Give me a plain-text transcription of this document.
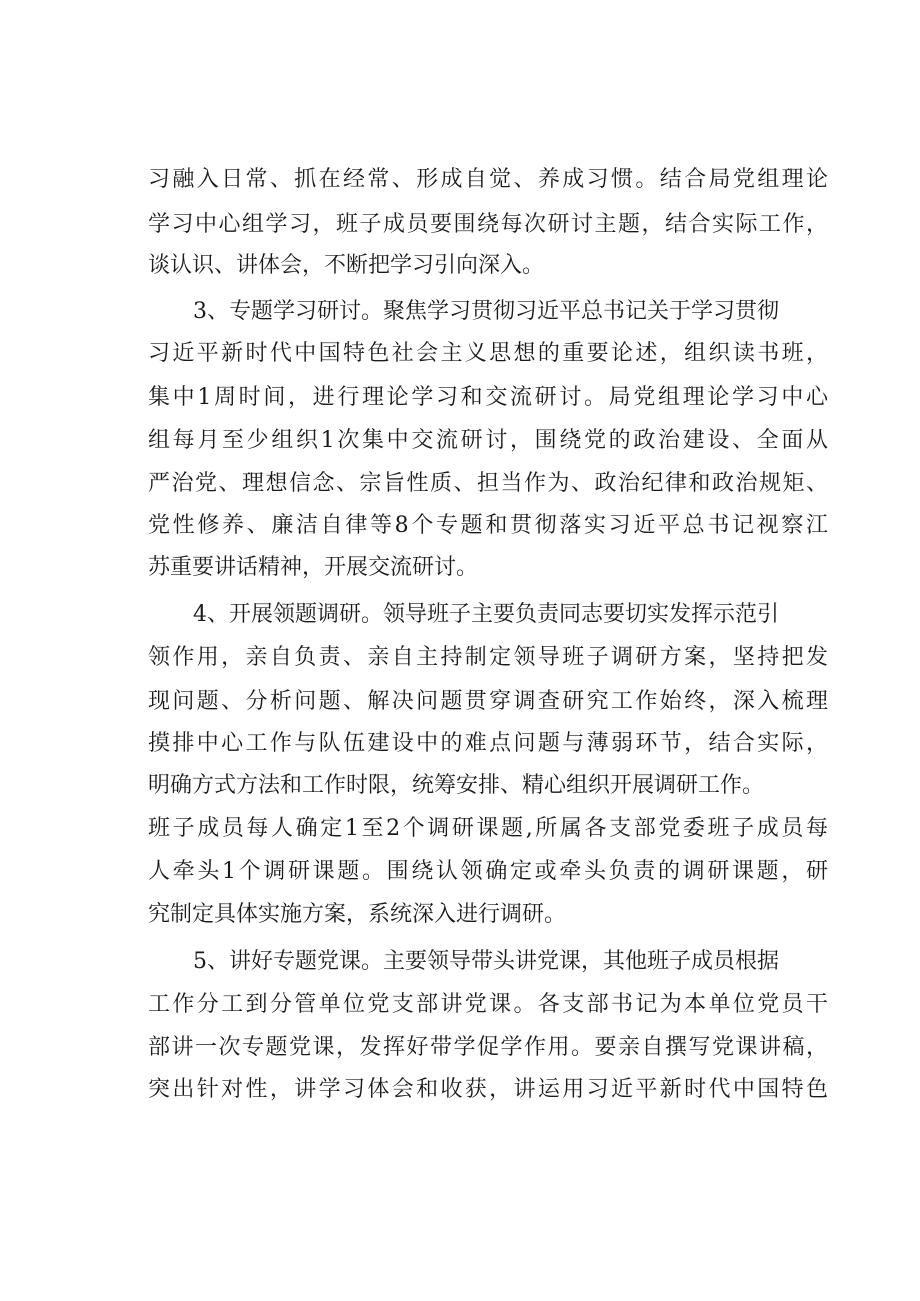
习融入日常、抓在经常、形成自觉、养成习惯。结合局党组理论
学习中心组学习，班子成员要围绕每次研讨主题，结合实际工作，
谈认识、讲体会，不断把学习引向深入。
3、专题学习研讨。聚焦学习贯彻习近平总书记关于学习贯彻
习近平新时代中国特色社会主义思想的重要论述，组织读书班，
集中1周时间，进行理论学习和交流研讨。局党组理论学习中心
组每月至少组织1次集中交流研讨，围绕党的政治建设、全面从
严治党、理想信念、宗旨性质、担当作为、政治纪律和政治规矩、
党性修养、廉洁自律等8个专题和贯彻落实习近平总书记视察江
苏重要讲话精神，开展交流研讨。
4、开展领题调研。领导班子主要负责同志要切实发挥示范引
领作用，亲自负责、亲自主持制定领导班子调研方案，坚持把发
现问题、分析问题、解决问题贯穿调查研究工作始终，深入梳理
摸排中心工作与队伍建设中的难点问题与薄弱环节，结合实际，
明确方式方法和工作时限，统筹安排、精心组织开展调研工作。
班子成员每人确定1至2个调研课题,所属各支部党委班子成员每
人牵头1个调研课题。围绕认领确定或牵头负责的调研课题，研
究制定具体实施方案，系统深入进行调研。
5、讲好专题党课。主要领导带头讲党课，其他班子成员根据
工作分工到分管单位党支部讲党课。各支部书记为本单位党员干
部讲一次专题党课，发挥好带学促学作用。要亲自撰写党课讲稿，
突出针对性，讲学习体会和收获，讲运用习近平新时代中国特色
